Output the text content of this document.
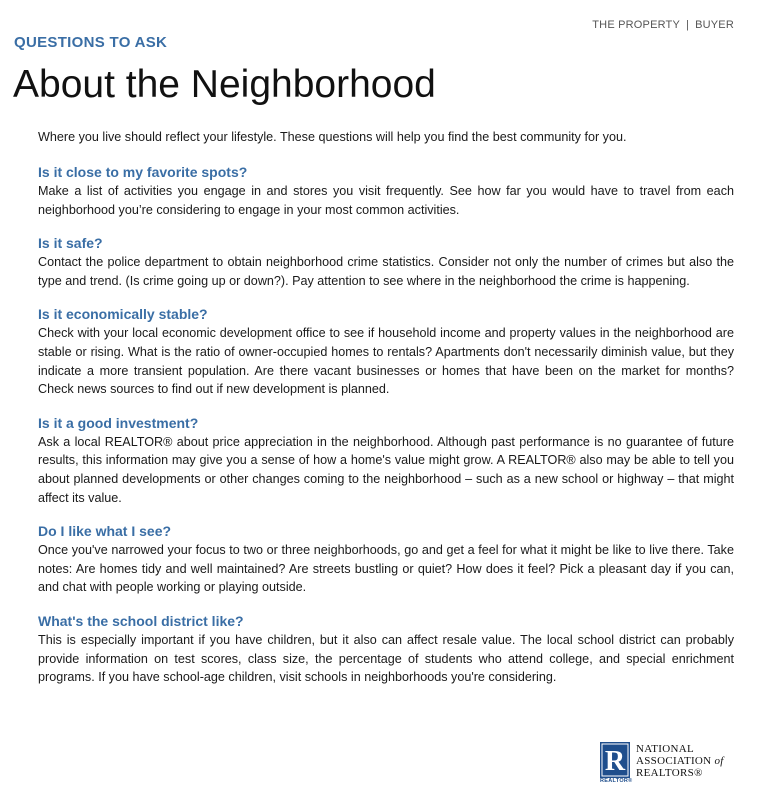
THE PROPERTY | BUYER
QUESTIONS TO ASK
About the Neighborhood

Where you live should reflect your lifestyle. These questions will help you find the best community for you.

Is it close to my favorite spots?

Make a list of activities you engage in and stores you visit frequently. See how far you would have to travel from each neighborhood you’re considering to engage in your most common activities.

Is it safe?

Contact the police department to obtain neighborhood crime statistics. Consider not only the number of crimes but also the type and trend. (Is crime going up or down?). Pay attention to see where in the neighborhood the crime is happening.

Is it economically stable?

Check with your local economic development office to see if household income and property values in the neighborhood are stable or rising. What is the ratio of owner-occupied homes to rentals? Apartments don't necessarily diminish value, but they indicate a more transient population. Are there vacant businesses or homes that have been on the market for months? Check news sources to find out if new development is planned.

Is it a good investment?

Ask a local REALTOR® about price appreciation in the neighborhood. Although past performance is no guarantee of future results, this information may give you a sense of how a home's value might grow. A REALTOR® also may be able to tell you about planned developments or other changes coming to the neighborhood – such as a new school or highway – that might affect its value.

Do I like what I see?

Once you've narrowed your focus to two or three neighborhoods, go and get a feel for what it might be like to live there. Take notes: Are homes tidy and well maintained? Are streets bustling or quiet? How does it feel? Pick a pleasant day if you can, and chat with people working or playing outside.

What's the school district like?

This is especially important if you have children, but it also can affect resale value. The local school district can probably provide information on test scores, class size, the percentage of students who attend college, and special enrichment programs. If you have school-age children, visit schools in neighborhoods you're considering.

R
REALTOR®
NATIONAL
ASSOCIATION of
REALTORS®
